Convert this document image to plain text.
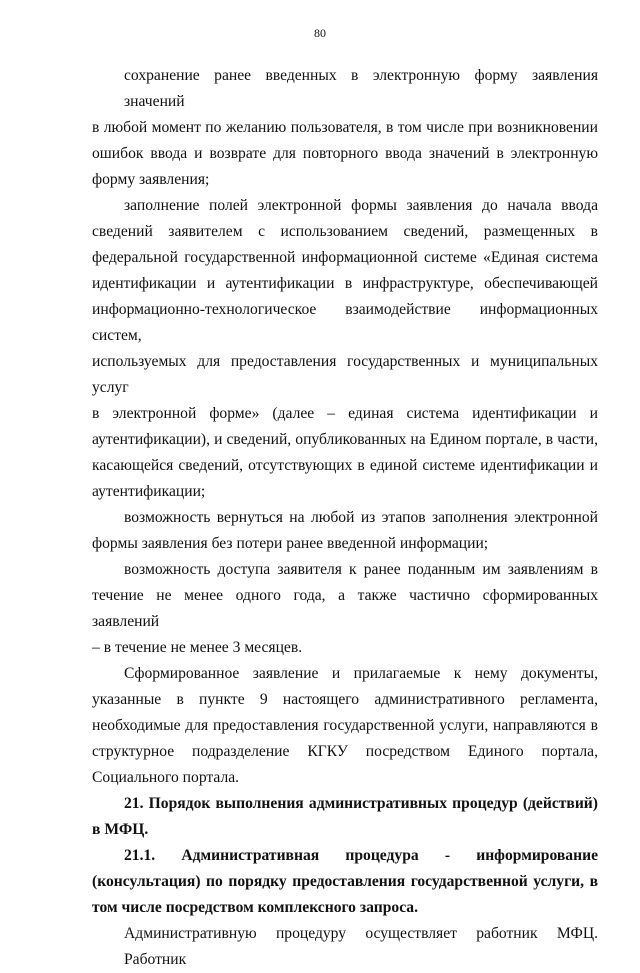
80
сохранение ранее введенных в электронную форму заявления значений
в любой момент по желанию пользователя, в том числе при возникновении
ошибок ввода и возврате для повторного ввода значений в электронную
форму заявления;
заполнение полей электронной формы заявления до начала ввода
сведений заявителем с использованием сведений, размещенных в
федеральной государственной информационной системе «Единая система
идентификации и аутентификации в инфраструктуре, обеспечивающей
информационно-технологическое взаимодействие информационных систем,
используемых для предоставления государственных и муниципальных услуг
в электронной форме» (далее – единая система идентификации и
аутентификации), и сведений, опубликованных на Едином портале, в части,
касающейся сведений, отсутствующих в единой системе идентификации и
аутентификации;
возможность вернуться на любой из этапов заполнения электронной
формы заявления без потери ранее введенной информации;
возможность доступа заявителя к ранее поданным им заявлениям в
течение не менее одного года, а также частично сформированных заявлений
– в течение не менее 3 месяцев.
Сформированное заявление и прилагаемые к нему документы,
указанные в пункте 9 настоящего административного регламента,
необходимые для предоставления государственной услуги, направляются в
структурное подразделение КГКУ посредством Единого портала,
Социального портала.
21. Порядок выполнения административных процедур (действий)
в МФЦ.
21.1. Административная процедура - информирование
(консультация) по порядку предоставления государственной услуги, в
том числе посредством комплексного запроса.
Административную процедуру осуществляет работник МФЦ. Работник
